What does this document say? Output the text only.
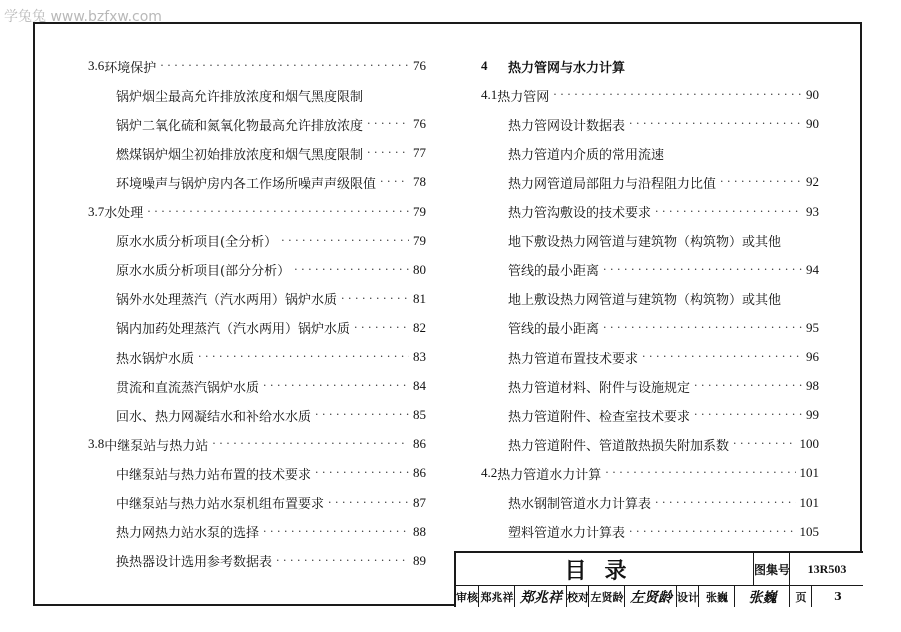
学兔兔 www.bzfxw.com
3.6 环境保护 · · ·	76
锅炉烟尘最高允许排放浓度和烟气黑度限制
锅炉二氧化硫和氮氧化物最高允许排放浓度 · · ·	76
燃煤锅炉烟尘初始排放浓度和烟气黑度限制 · · ·	77
环境噪声与锅炉房内各工作场所噪声声级限值 · · ·	78
3.7 水处理 · · ·	79
原水水质分析项目(全分析） · · ·	79
原水水质分析项目(部分分析） · · ·	80
锅外水处理蒸汽（汽水两用）锅炉水质 · · ·	81
锅内加药处理蒸汽（汽水两用）锅炉水质 · · ·	82
热水锅炉水质 · · ·	83
贯流和直流蒸汽锅炉水质 · · ·	84
回水、热力网凝结水和补给水水质 · · ·	85
3.8 中继泵站与热力站 · · ·	86
中继泵站与热力站布置的技术要求 · · ·	86
中继泵站与热力站水泵机组布置要求 · · ·	87
热力网热力站水泵的选择 · · ·	88
换热器设计选用参考数据表 · · ·	89
4	热力管网与水力计算
4.1 热力管网 · · ·	90
热力管网设计数据表 · · ·	90
热力管道内介质的常用流速
热力网管道局部阻力与沿程阻力比值 · · ·	92
热力管沟敷设的技术要求 · · ·	93
地下敷设热力网管道与建筑物（构筑物）或其他
管线的最小距离 · · ·	94
地上敷设热力网管道与建筑物（构筑物）或其他
管线的最小距离 · · ·	95
热力管道布置技术要求 · · ·	96
热力管道材料、附件与设施规定 · · ·	98
热力管道附件、检查室技术要求 · · ·	99
热力管道附件、管道散热损失附加系数 · · ·	100
4.2 热力管道水力计算 · · ·	101
热水钢制管道水力计算表 · · ·	101
塑料管道水力计算表 · · ·	105
目录	图集号	13R503
审核 郑兆祥 郑兆祥 校对 左贤龄 左贤龄 设计 张巍	张巍	页	3
